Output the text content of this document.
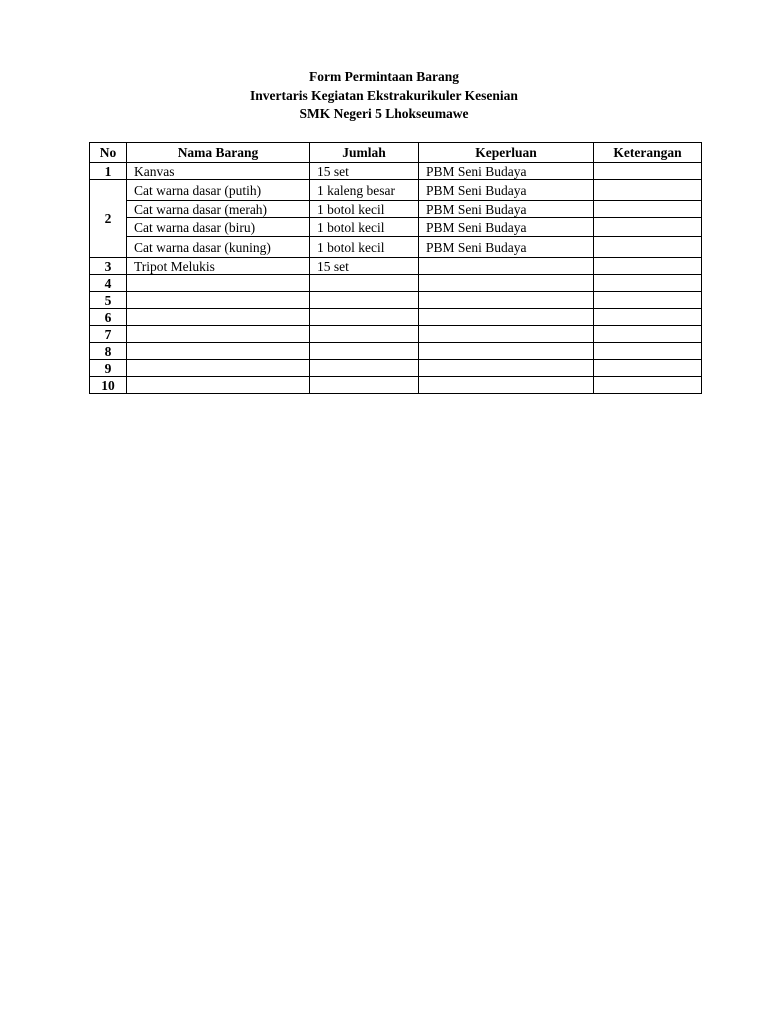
Form Permintaan Barang
Invertaris Kegiatan Ekstrakurikuler Kesenian
SMK Negeri 5 Lhokseumawe
No	Nama Barang	Jumlah	Keperluan	Keterangan
1	Kanvas	15 set	PBM Seni Budaya	
2	Cat warna dasar (putih)	1 kaleng besar	PBM Seni Budaya	
	Cat warna dasar (merah)	1 botol kecil	PBM Seni Budaya	
	Cat warna dasar (biru)	1 botol kecil	PBM Seni Budaya	
	Cat warna dasar (kuning)	1 botol kecil	PBM Seni Budaya	
3	Tripot Melukis	15 set		
4				
5				
6				
7				
8				
9				
10				
